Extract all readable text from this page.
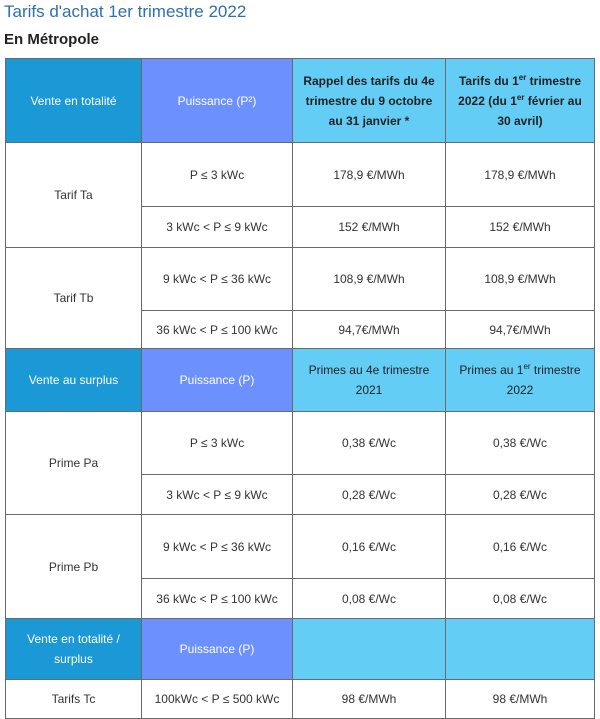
Tarifs d'achat 1er trimestre 2022
En Métropole
Vente en totalité	Puissance (P²)	Rappel des tarifs du 4e trimestre du 9 octobre au 31 janvier *	Tarifs du 1er trimestre 2022 (du 1er février au 30 avril)
Tarif Ta	P ≤ 3 kWc	178,9 €/MWh	178,9 €/MWh
	3 kWc < P ≤ 9 kWc	152 €/MWh	152 €/MWh
Tarif Tb	9 kWc < P ≤ 36 kWc	108,9 €/MWh	108,9 €/MWh
	36 kWc < P ≤ 100 kWc	94,7€/MWh	94,7€/MWh
Vente au surplus	Puissance (P)	Primes au 4e trimestre 2021	Primes au 1er trimestre 2022
Prime Pa	P ≤ 3 kWc	0,38 €/Wc	0,38 €/Wc
	3 kWc < P ≤ 9 kWc	0,28 €/Wc	0,28 €/Wc
Prime Pb	9 kWc < P ≤ 36 kWc	0,16 €/Wc	0,16 €/Wc
	36 kWc < P ≤ 100 kWc	0,08 €/Wc	0,08 €/Wc
Vente en totalité / surplus	Puissance (P)		
Tarifs Tc	100kWc < P ≤ 500 kWc	98 €/MWh	98 €/MWh
